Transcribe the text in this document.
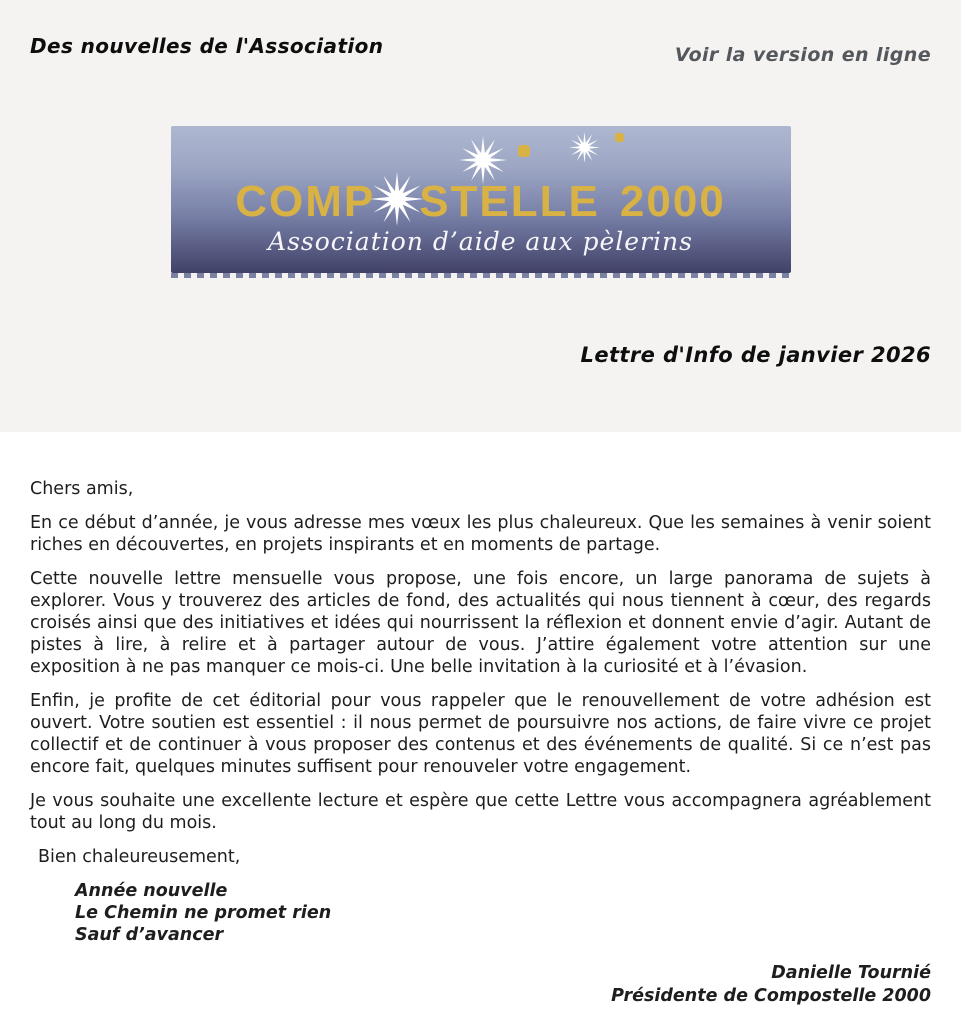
Des nouvelles de l'Association	Voir la version en ligne
COMP STELLE 2000
Association d’aide aux pèlerins
Lettre d'Info de janvier 2026

Chers amis,

En ce début d’année, je vous adresse mes vœux les plus chaleureux. Que les semaines à venir soient riches en découvertes, en projets inspirants et en moments de partage.

Cette nouvelle lettre mensuelle vous propose, une fois encore, un large panorama de sujets à explorer. Vous y trouverez des articles de fond, des actualités qui nous tiennent à cœur, des regards croisés ainsi que des initiatives et idées qui nourrissent la réflexion et donnent envie d’agir. Autant de pistes à lire, à relire et à partager autour de vous. J’attire également votre attention sur une exposition à ne pas manquer ce mois-ci. Une belle invitation à la curiosité et à l’évasion.

Enfin, je profite de cet éditorial pour vous rappeler que le renouvellement de votre adhésion est ouvert. Votre soutien est essentiel : il nous permet de poursuivre nos actions, de faire vivre ce projet collectif et de continuer à vous proposer des contenus et des événements de qualité. Si ce n’est pas encore fait, quelques minutes suffisent pour renouveler votre engagement.

Je vous souhaite une excellente lecture et espère que cette Lettre vous accompagnera agréablement tout au long du mois.

Bien chaleureusement,

Année nouvelle
Le Chemin ne promet rien
Sauf d’avancer
Danielle Tournié
Présidente de Compostelle 2000
